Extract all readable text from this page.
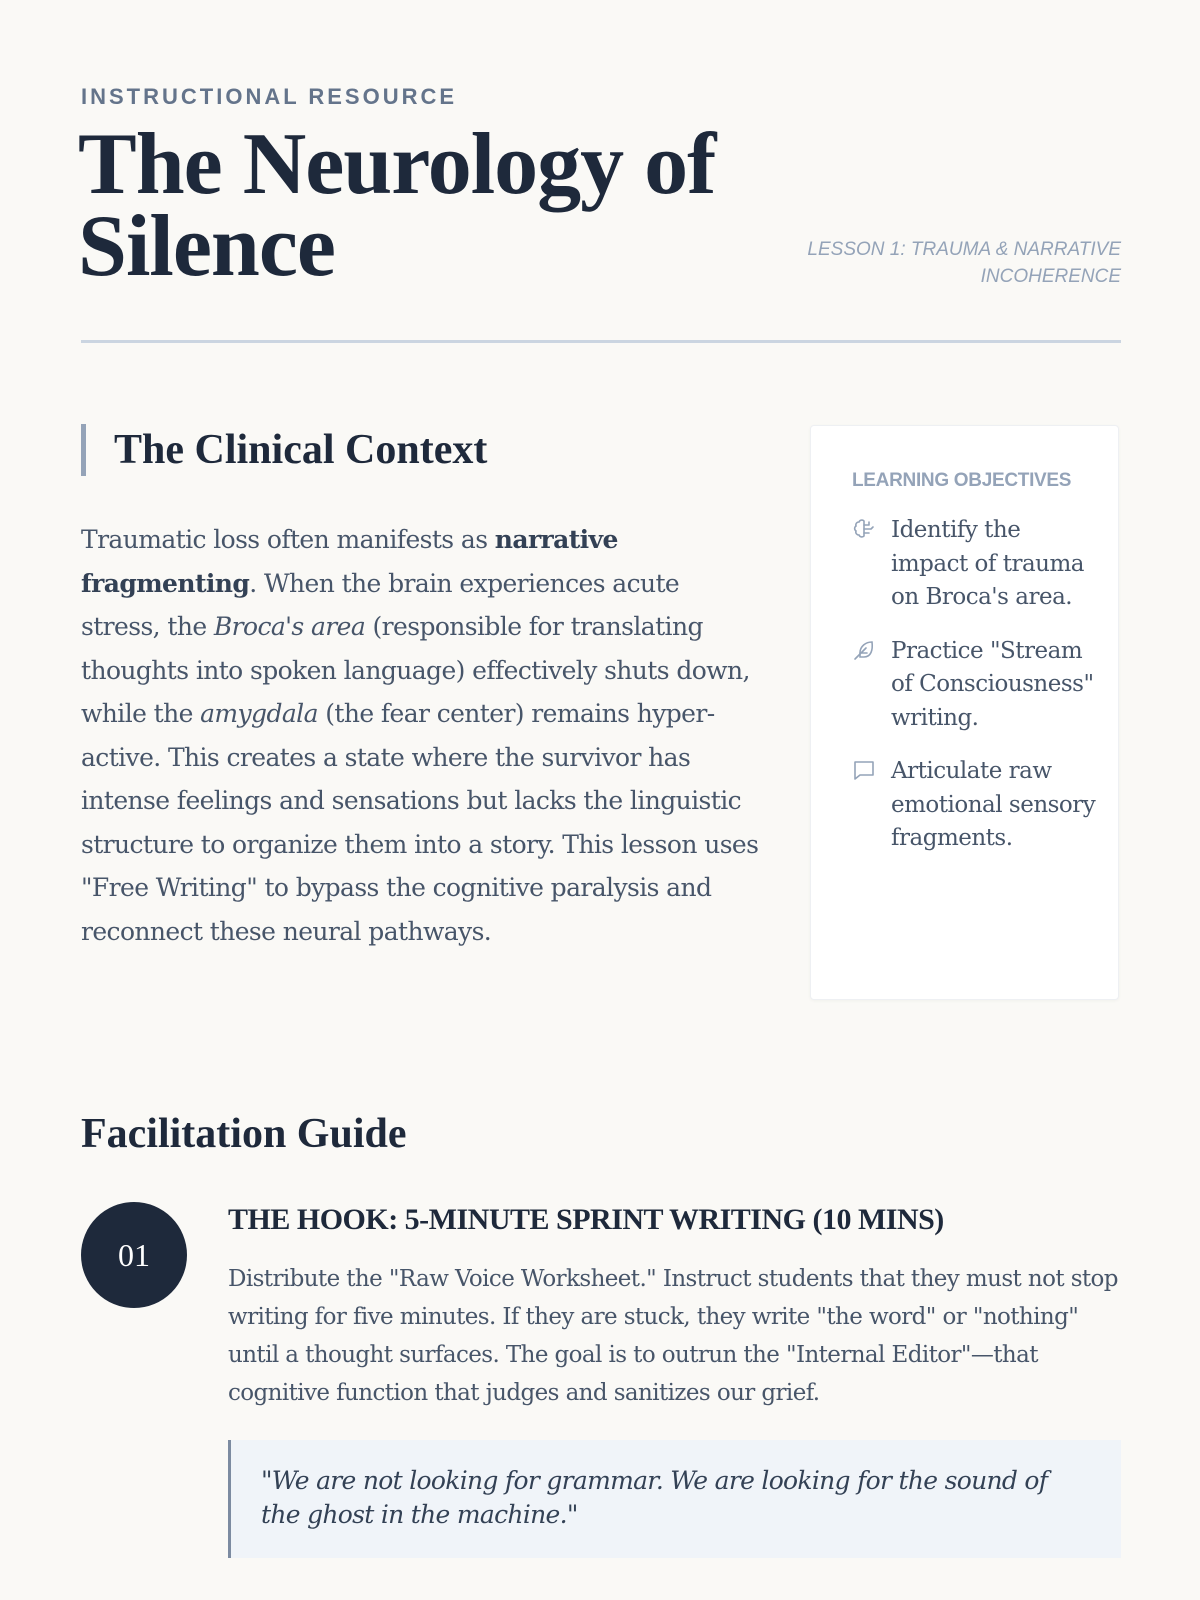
INSTRUCTIONAL RESOURCE
The Neurology of Silence	LESSON 1: TRAUMA & NARRATIVE INCOHERENCE
The Clinical Context

Traumatic loss often manifests as narrative fragmenting. When the brain experiences acute stress, the Broca's area (responsible for translating thoughts into spoken language) effectively shuts down, while the amygdala (the fear center) remains hyper-active. This creates a state where the survivor has intense feelings and sensations but lacks the linguistic structure to organize them into a story. This lesson uses "Free Writing" to bypass the cognitive paralysis and reconnect these neural pathways.

LEARNING OBJECTIVES
Identify the impact of trauma on Broca's area.
Practice "Stream of Consciousness" writing.
Articulate raw emotional sensory fragments.
Facilitation Guide
01
THE HOOK: 5-MINUTE SPRINT WRITING (10 MINS)

Distribute the "Raw Voice Worksheet." Instruct students that they must not stop writing for five minutes. If they are stuck, they write "the word" or "nothing" until a thought surfaces. The goal is to outrun the "Internal Editor"—that cognitive function that judges and sanitizes our grief.

"We are not looking for grammar. We are looking for the sound of the ghost in the machine."
